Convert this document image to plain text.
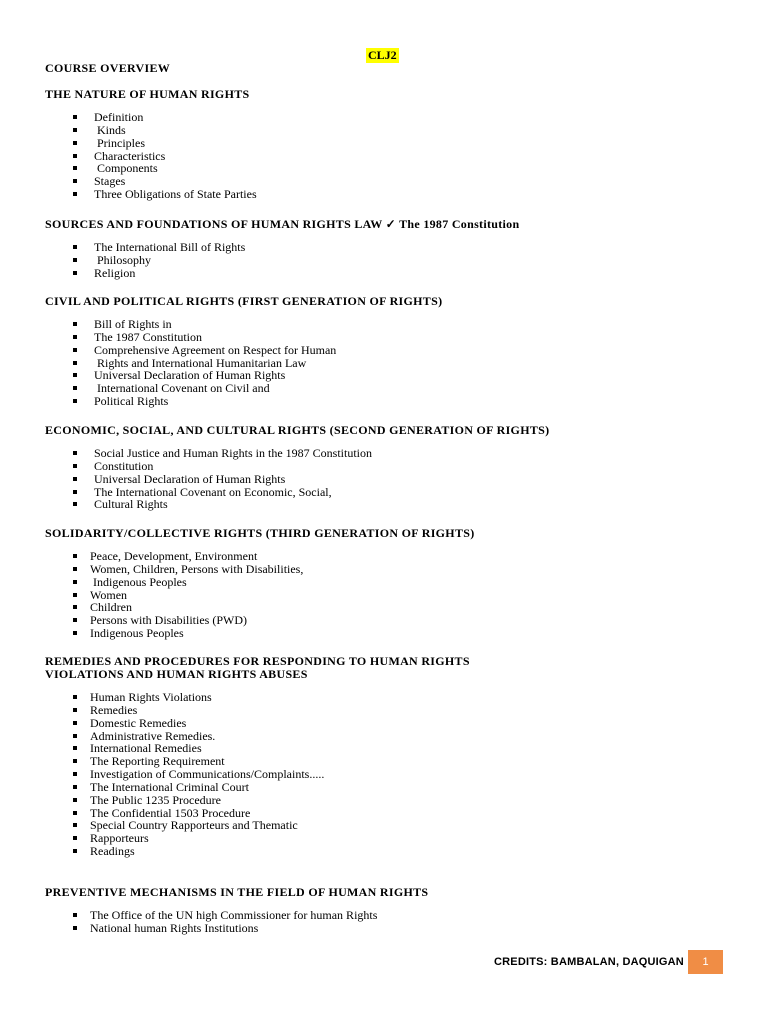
CLJ2
COURSE OVERVIEW
THE NATURE OF HUMAN RIGHTS
Definition
Kinds
Principles
Characteristics
Components
Stages
Three Obligations of State Parties
SOURCES AND FOUNDATIONS OF HUMAN RIGHTS LAW ✓ The 1987 Constitution
The International Bill of Rights
Philosophy
Religion
CIVIL AND POLITICAL RIGHTS (FIRST GENERATION OF RIGHTS)
Bill of Rights in
The 1987 Constitution
Comprehensive Agreement on Respect for Human
Rights and International Humanitarian Law
Universal Declaration of Human Rights
International Covenant on Civil and
Political Rights
ECONOMIC, SOCIAL, AND CULTURAL RIGHTS (SECOND GENERATION OF RIGHTS)
Social Justice and Human Rights in the 1987 Constitution
Constitution
Universal Declaration of Human Rights
The International Covenant on Economic, Social,
Cultural Rights
SOLIDARITY/COLLECTIVE RIGHTS (THIRD GENERATION OF RIGHTS)
Peace, Development, Environment
Women, Children, Persons with Disabilities,
Indigenous Peoples
Women
Children
Persons with Disabilities (PWD)
Indigenous Peoples
REMEDIES AND PROCEDURES FOR RESPONDING TO HUMAN RIGHTS
VIOLATIONS AND HUMAN RIGHTS ABUSES
Human Rights Violations
Remedies
Domestic Remedies
Administrative Remedies.
International Remedies
The Reporting Requirement
Investigation of Communications/Complaints.....
The International Criminal Court
The Public 1235 Procedure
The Confidential 1503 Procedure
Special Country Rapporteurs and Thematic
Rapporteurs
Readings
PREVENTIVE MECHANISMS IN THE FIELD OF HUMAN RIGHTS
The Office of the UN high Commissioner for human Rights
National human Rights Institutions
CREDITS: BAMBALAN, DAQUIGAN	1
